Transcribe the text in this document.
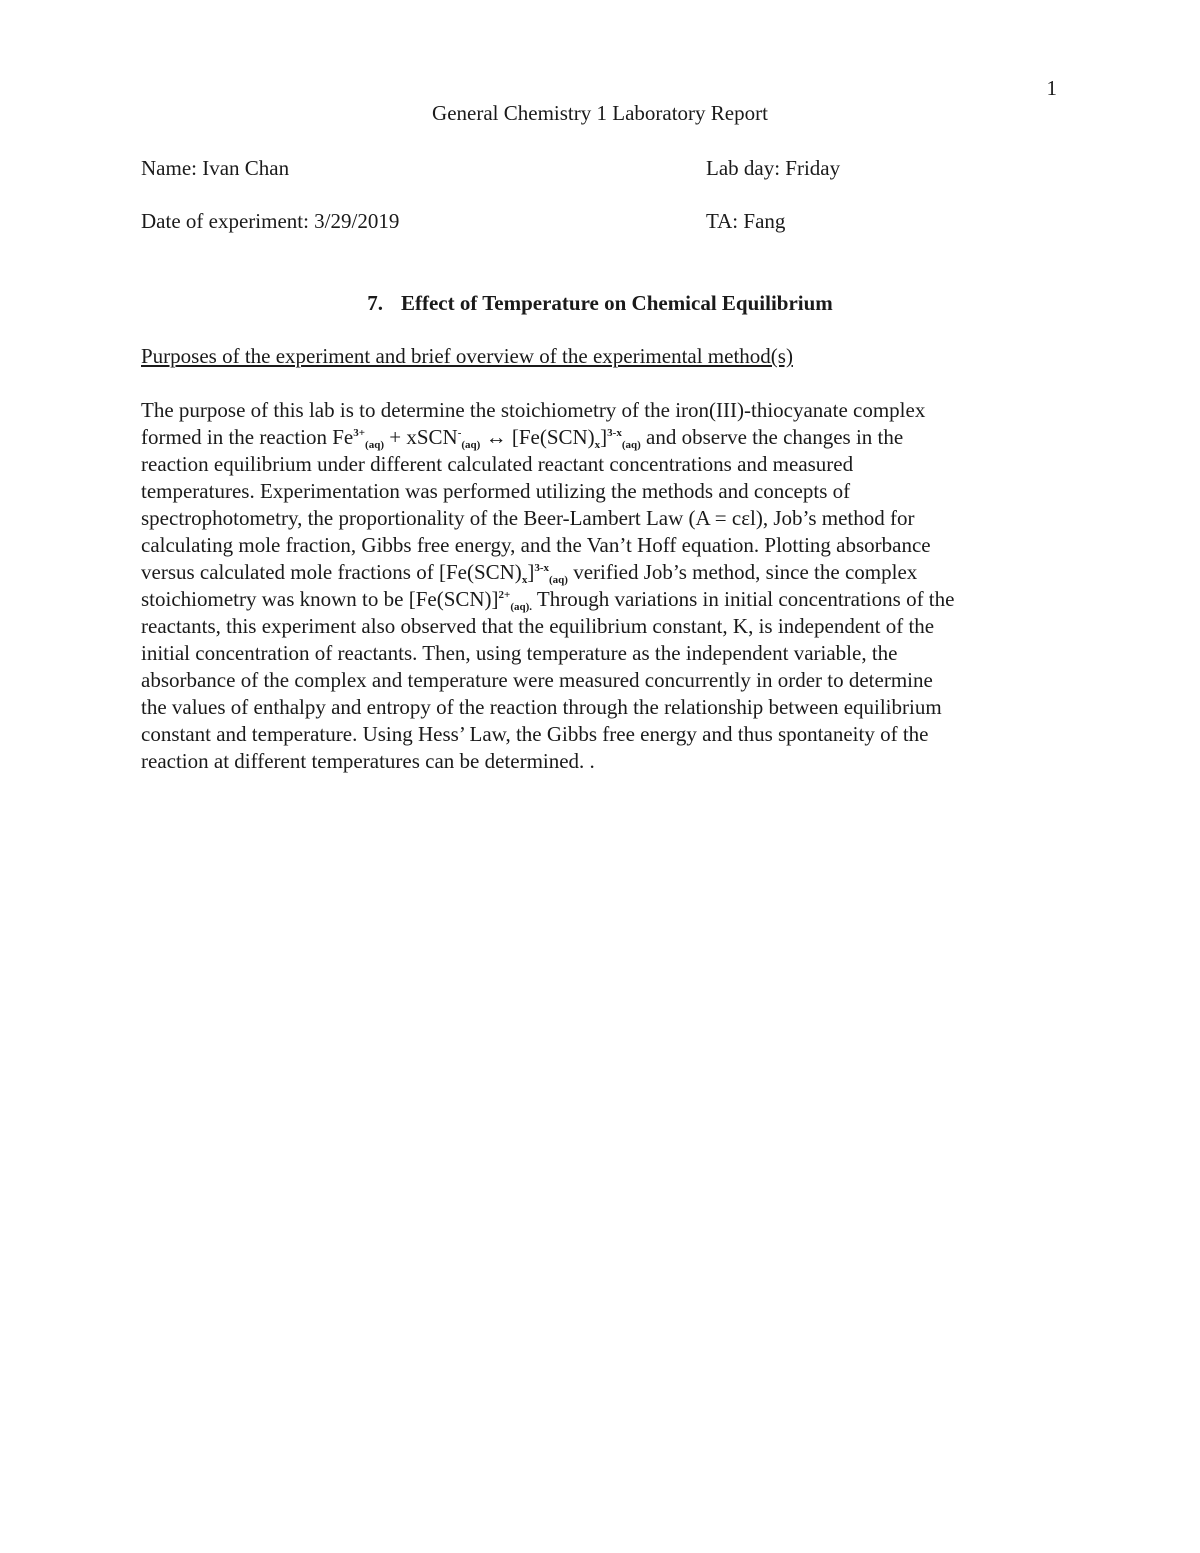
1
General Chemistry 1 Laboratory Report
Name: Ivan Chan	Lab day: Friday
Date of experiment: 3/29/2019	TA: Fang
7. Effect of Temperature on Chemical Equilibrium
Purposes of the experiment and brief overview of the experimental method(s)
The purpose of this lab is to determine the stoichiometry of the iron(III)-thiocyanate complex
formed in the reaction $Fe^{3+}_{(aq)}$ + xSCN-$_{(aq)}$ ↔ $[Fe(SCN)_x]^{3-x}_{(aq)}$ and observe the changes in the
reaction equilibrium under different calculated reactant concentrations and measured
temperatures. Experimentation was performed utilizing the methods and concepts of
spectrophotometry, the proportionality of the Beer-Lambert Law (A = cεl), Job’s method for
calculating mole fraction, Gibbs free energy, and the Van’t Hoff equation. Plotting absorbance
versus calculated mole fractions of $[Fe(SCN)_x]^{3-x}_{(aq)}$ verified Job’s method, since the complex
stoichiometry was known to be $[Fe(SCN)]^{2+}_{(aq).}$ Through variations in initial concentrations of the
reactants, this experiment also observed that the equilibrium constant, K, is independent of the
initial concentration of reactants. Then, using temperature as the independent variable, the
absorbance of the complex and temperature were measured concurrently in order to determine
the values of enthalpy and entropy of the reaction through the relationship between equilibrium
constant and temperature. Using Hess’ Law, the Gibbs free energy and thus spontaneity of the
reaction at different temperatures can be determined. .
